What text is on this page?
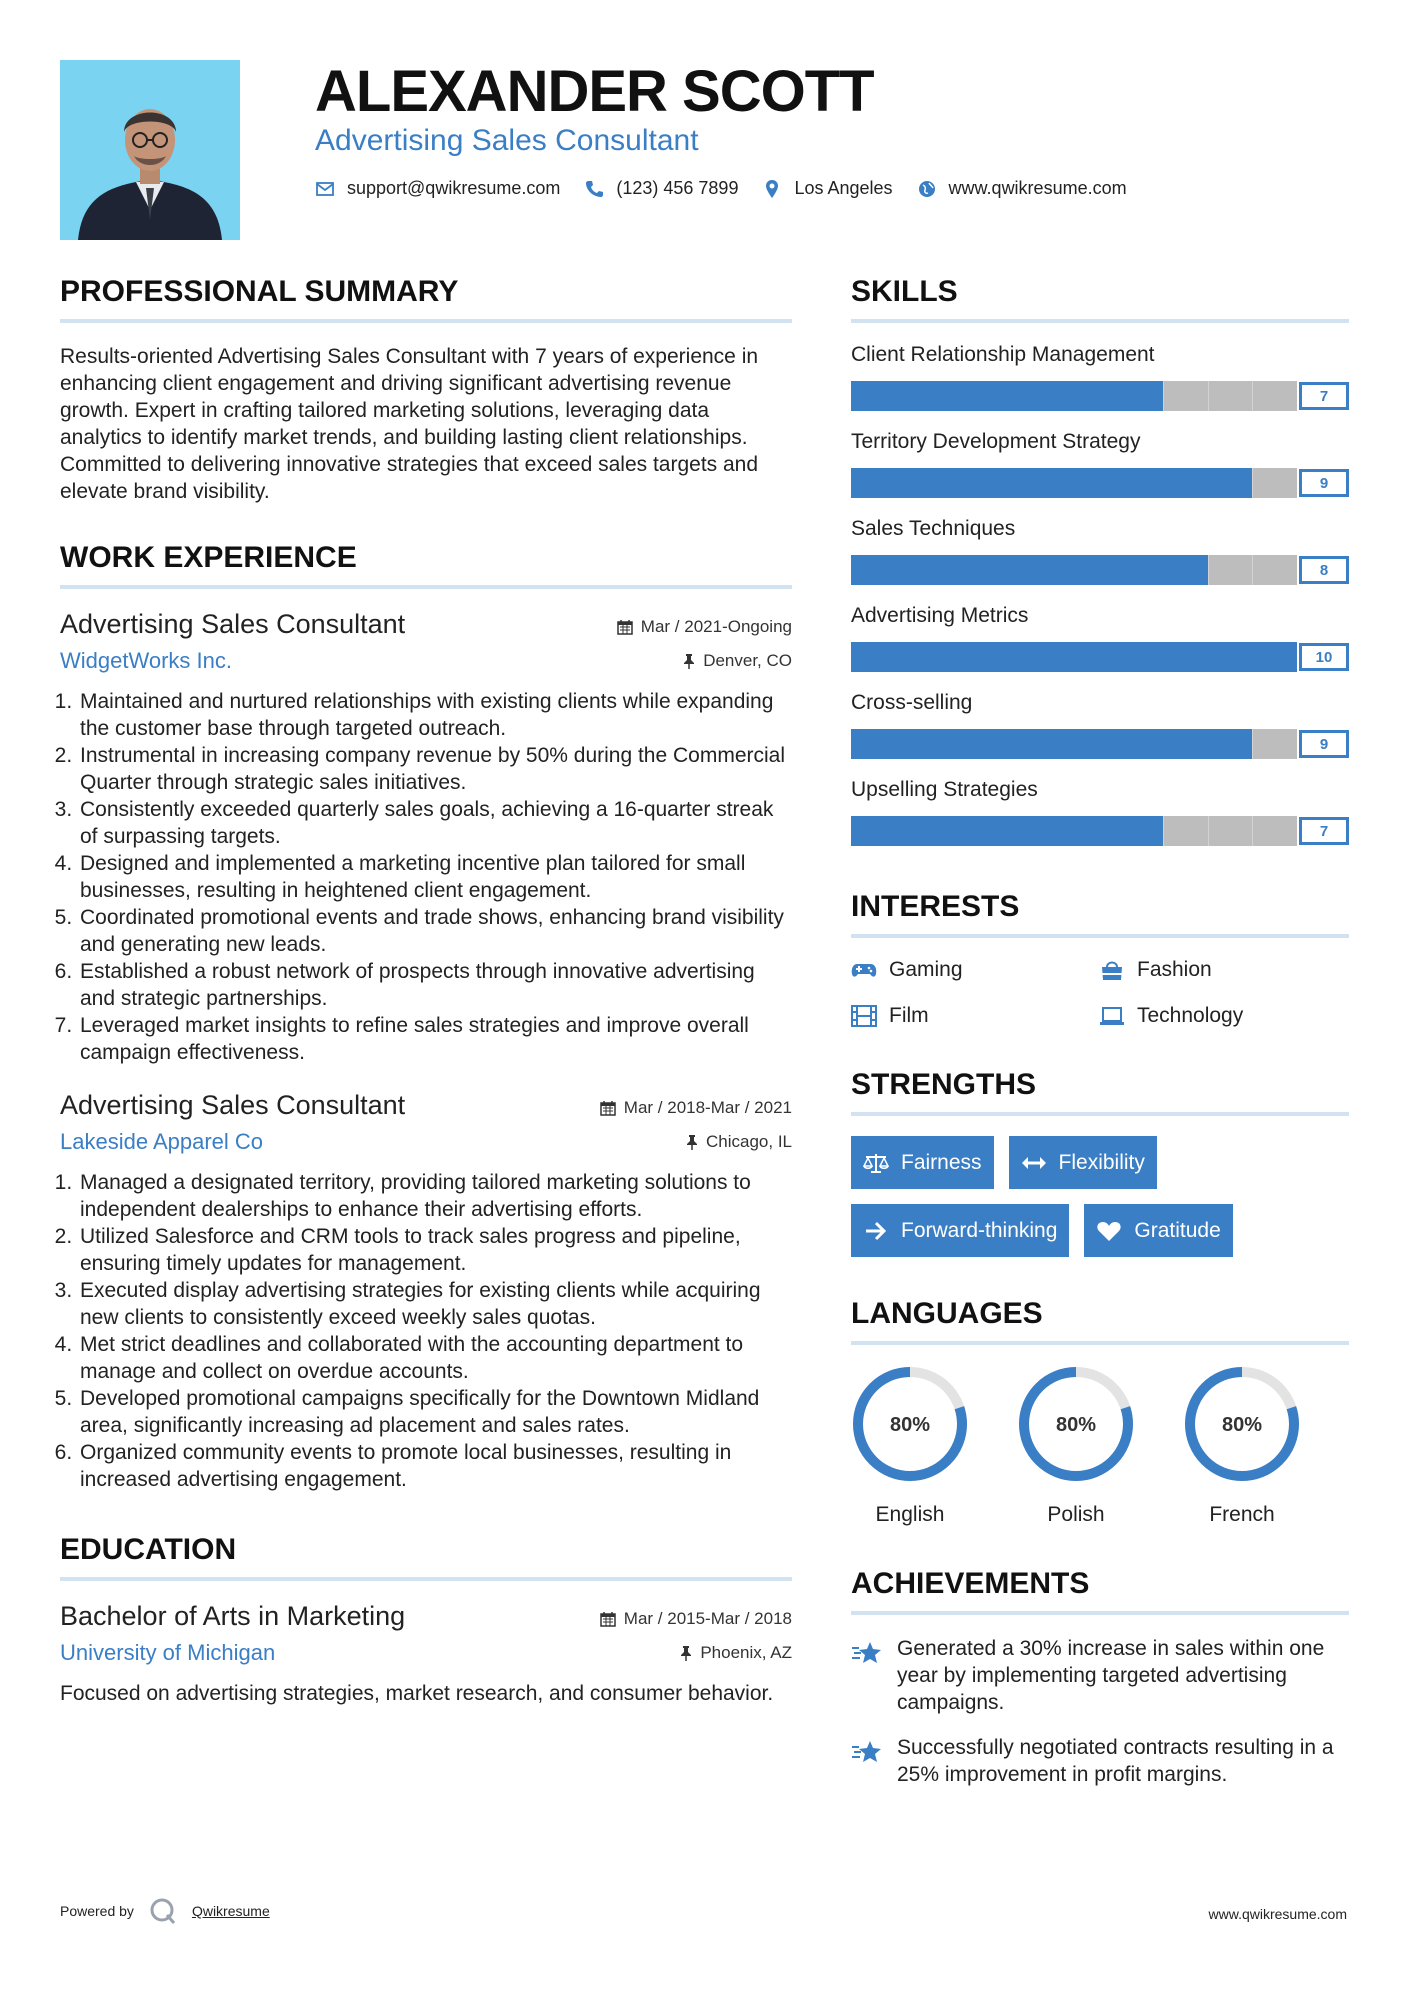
ALEXANDER SCOTT
Advertising Sales Consultant
support@qwikresume.com	(123) 456 7899	Los Angeles	www.qwikresume.com
PROFESSIONAL SUMMARY
Results-oriented Advertising Sales Consultant with 7 years of experience in enhancing client engagement and driving significant advertising revenue growth. Expert in crafting tailored marketing solutions, leveraging data analytics to identify market trends, and building lasting client relationships. Committed to delivering innovative strategies that exceed sales targets and elevate brand visibility.
WORK EXPERIENCE
Advertising Sales Consultant	Mar / 2021-Ongoing
WidgetWorks Inc.	Denver, CO
1. Maintained and nurtured relationships with existing clients while expanding the customer base through targeted outreach.
2. Instrumental in increasing company revenue by 50% during the Commercial Quarter through strategic sales initiatives.
3. Consistently exceeded quarterly sales goals, achieving a 16-quarter streak of surpassing targets.
4. Designed and implemented a marketing incentive plan tailored for small businesses, resulting in heightened client engagement.
5. Coordinated promotional events and trade shows, enhancing brand visibility and generating new leads.
6. Established a robust network of prospects through innovative advertising and strategic partnerships.
7. Leveraged market insights to refine sales strategies and improve overall campaign effectiveness.
Advertising Sales Consultant	Mar / 2018-Mar / 2021
Lakeside Apparel Co	Chicago, IL
1. Managed a designated territory, providing tailored marketing solutions to independent dealerships to enhance their advertising efforts.
2. Utilized Salesforce and CRM tools to track sales progress and pipeline, ensuring timely updates for management.
3. Executed display advertising strategies for existing clients while acquiring new clients to consistently exceed weekly sales quotas.
4. Met strict deadlines and collaborated with the accounting department to manage and collect on overdue accounts.
5. Developed promotional campaigns specifically for the Downtown Midland area, significantly increasing ad placement and sales rates.
6. Organized community events to promote local businesses, resulting in increased advertising engagement.
EDUCATION
Bachelor of Arts in Marketing	Mar / 2015-Mar / 2018
University of Michigan	Phoenix, AZ
Focused on advertising strategies, market research, and consumer behavior.
SKILLS
Client Relationship Management
7
Territory Development Strategy
9
Sales Techniques
8
Advertising Metrics
10
Cross-selling
9
Upselling Strategies
7
INTERESTS
Gaming	Fashion
Film	Technology
STRENGTHS
Fairness	Flexibility
Forward-thinking	Gratitude
LANGUAGES
80%
English
80%
Polish
80%
French
ACHIEVEMENTS
Generated a 30% increase in sales within one year by implementing targeted advertising campaigns.
Successfully negotiated contracts resulting in a 25% improvement in profit margins.
Powered by	Qwikresume	www.qwikresume.com
